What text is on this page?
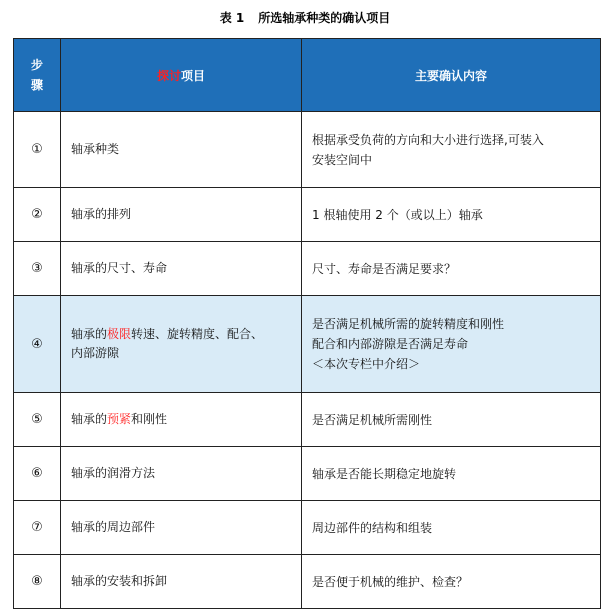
表 1 所选轴承种类的确认项目
步
骤	探讨项目	主要确认内容
①	轴承种类	根据承受负荷的方向和大小进行选择,可装入
安装空间中

②	轴承的排列	1 根轴使用 2 个（或以上）轴承
③	轴承的尺寸、寿命	尺寸、寿命是否满足要求？
④	轴承的极限转速、旋转精度、配合、
内部游隙	是否满足机械所需的旋转精度和刚性
配合和内部游隙是否满足寿命
＜本次专栏中介绍＞

⑤	轴承的预紧和刚性	是否满足机械所需刚性
⑥	轴承的润滑方法	轴承是否能长期稳定地旋转
⑦	轴承的周边部件	周边部件的结构和组装
⑧	轴承的安装和拆卸	是否便于机械的维护、检查？
